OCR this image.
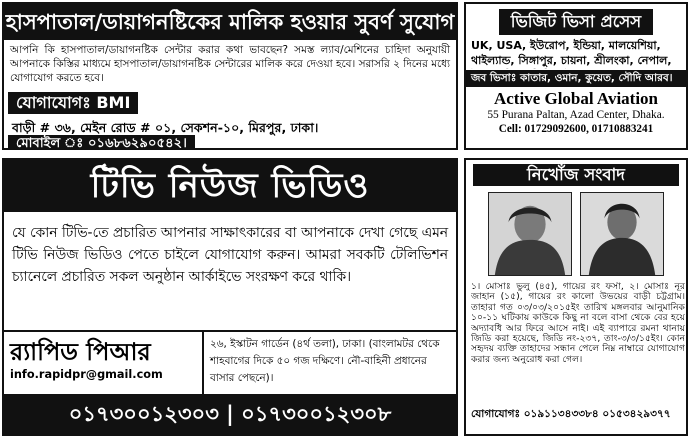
হাসপাতাল/ডায়াগনষ্টিকের মালিক হওয়ার সুবর্ণ সুযোগ
আপনি কি হাসপাতাল/ডায়াগনষ্টিক সেন্টার করার কথা ভাবছেন? সমস্ত ল্যাব/মেশিনের চাহিদা অনুযায়ী আপনাকে কিস্তির মাধ্যমে হাসপাতাল/ডায়াগনষ্টিক সেন্টারের মালিক করে দেওয়া হবে। সরাসরি ২ দিনের মধ্যে যোগাযোগ করতে হবে।
যোগাযোগঃ BMI
বাড়ী # ৩৬, মেইন রোড # ০১, সেকশন-১০, মিরপুর, ঢাকা।
মোবাইল ঃ ০১৬৮৬২৯০৫৪২।
ভিজিট ভিসা প্রসেস
UK, USA, ইউরোপ, ইন্ডিয়া, মালয়েশিয়া, থাইল্যান্ড, সিঙ্গাপুর, চায়না, শ্রীলংকা, নেপাল,
জব ভিসাঃ কাতার, ওমান, কুয়েত, সৌদি আরব।
Active Global Aviation
55 Purana Paltan, Azad Center, Dhaka.
Cell: 01729092600, 01710883241
টিভি নিউজ ভিডিও
যে কোন টিভি-তে প্রচারিত আপনার সাক্ষাৎকারের বা আপনাকে দেখা গেছে এমন টিভি নিউজ ভিডিও পেতে চাইলে যোগাযোগ করুন। আমরা সবকটি টেলিভিশন চ্যানেলে প্রচারিত সকল অনুষ্ঠান আর্কাইভে সংরক্ষণ করে থাকি।
র‌্যাপিড পিআর
info.rapidpr@gmail.com
২৬, ইস্কাটন গার্ডেন (৪র্থ তলা), ঢাকা। (বাংলামটর থেকে শাহবাগের দিকে ৫০ গজ দক্ষিণে। নৌ-বাহিনী প্রধানের বাসার পেছনে)।
০১৭৩০০১২৩০৩ | ০১৭৩০০১২৩০৮
নিখোঁজ সংবাদ
১। মোসাঃ ভুলু (৪৫), গায়ের রং ফর্সা, ২। মোসাঃ নূর জাহান (১৫), গায়ের রং কালো উভয়ের বাড়ী চট্টগ্রাম। তাহারা গত ০৩/০৩/২০১৫ইং তারিখ মঙ্গলবার আনুমানিক ১০-১১ ঘটিকায় কাউকে কিছু না বলে বাসা থেকে বের হয়ে অদ্যাবধি আর ফিরে আসে নাই। এই ব্যাপারে রমনা থানায় জিডি করা হয়েছে, জিডি নং-২৩৭, তাং-৩/৩/১৫ইং। কোন সহৃদয় ব্যক্তি তাহাদের সন্ধান পেলে নিম্ন নাম্বারে যোগাযোগ করার জন্য অনুরোধ করা গেল।
যোগাযোগঃ ০১৯১১৩৪৩৩৮৪ ০১৫৩৪২৯৩৭৭
